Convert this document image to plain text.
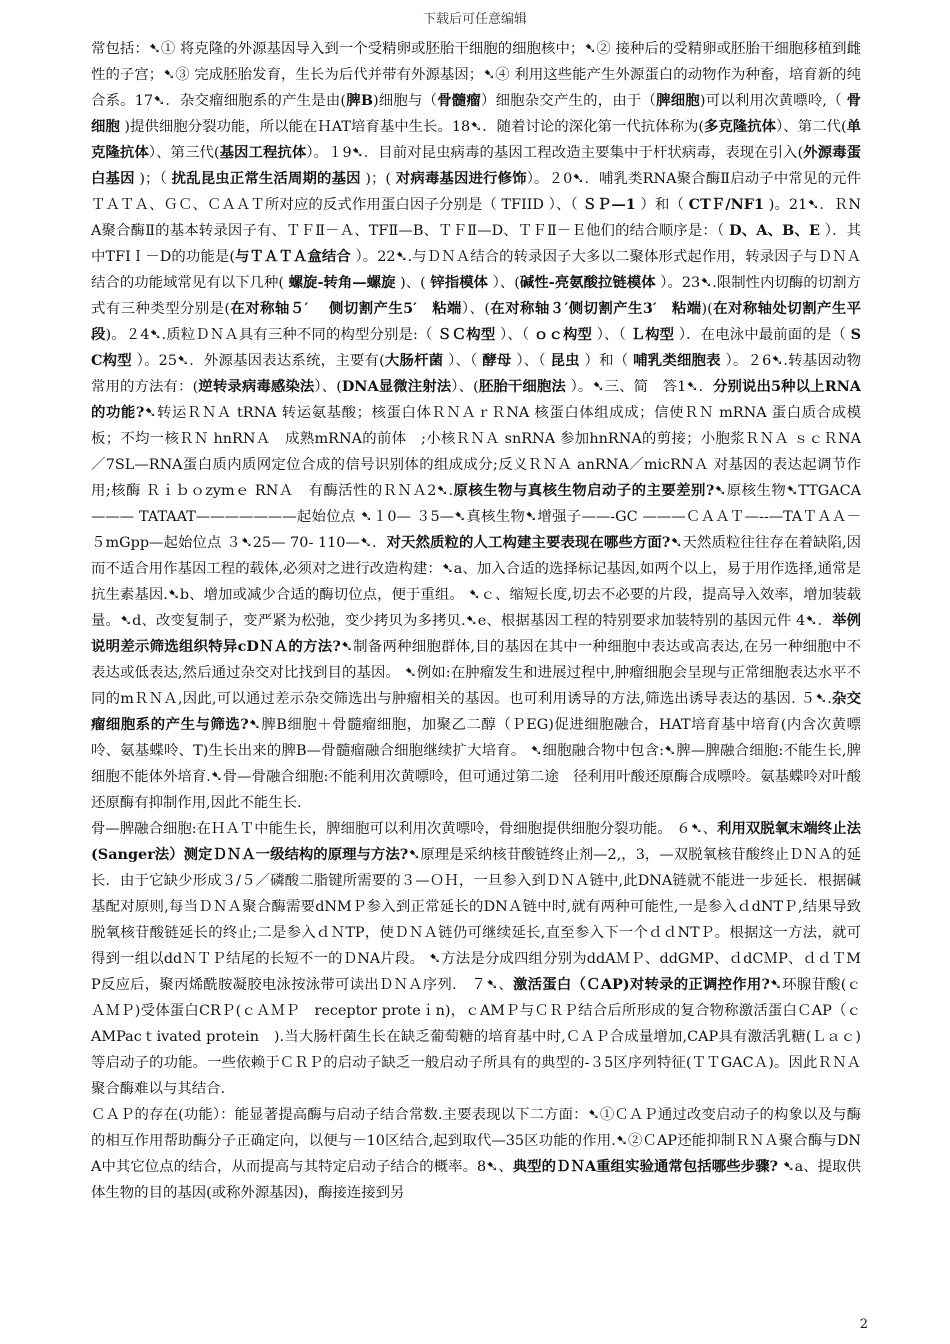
下载后可任意编辑

常包括：➷① 将克隆的外源基因导入到一个受精卵或胚胎干细胞的细胞核中；➷② 接种后的受精卵或胚胎干细胞移植到雌性的子宫；➷③ 完成胚胎发育，生长为后代并带有外源基因；➷④ 利用这些能产生外源蛋白的动物作为种畜，培育新的纯合系。17➷．杂交瘤细胞系的产生是由(脾B)细胞与（骨髓瘤）细胞杂交产生的，由于（脾细胞)可以利用次黄嘌呤,（ 骨细胞 )提供细胞分裂功能，所以能在ＨAT培育基中生长。18➷．随着讨论的深化第一代抗体称为(多克隆抗体）、第二代(单克隆抗体）、第三代(基因工程抗体）。１9➷．目前对昆虫病毒的基因工程改造主要集中于杆状病毒，表现在引入(外源毒蛋白基因 )；（ 扰乱昆虫正常生活周期的基因 )；( 对病毒基因进行修饰）。２0➷．哺乳类RNA聚合酶Ⅱ启动子中常见的元件ＴＡＴＡ、ＧＣ、ＣＡＡＴ所对应的反式作用蛋白因子分别是（ TFIID ）、（ ＳＰ—1 ）和（ CTＦ/NF1 )。21➷．ＲNA聚合酶Ⅱ的基本转录因子有、ＴＦⅡ－Ａ、TFⅡ—B、ＴＦⅡ—D、ＴＦⅡ－Ｅ他们的结合顺序是：（ D、A、B、E ）．其中TFⅠＩ－D的功能是(与ＴＡＴＡ盒结合 ）。22➷.与ＤＮＡ结合的转录因子大多以二聚体形式起作用，转录因子与ＤＮＡ结合的功能域常见有以下几种( 螺旋-转角—螺旋 )、( 锌指模体 ）、(碱性-亮氨酸拉链模体 ）。23➷.限制性内切酶的切割方式有三种类型分别是(在对称轴５′　 侧切割产生5′　粘端）、(在对称轴３′侧切割产生3′　粘端)(在对称轴处切割产生平段)。２4➷.质粒ＤＮＡ具有三种不同的构型分别是:（ ＳＣ构型 ）、（ ｏｃ构型 ）、（ Ｌ构型 ）．在电泳中最前面的是（ SC构型 ）。25➷．外源基因表达系统，主要有(大肠杆菌 ）、（ 酵母 ）、（ 昆虫 ）和（ 哺乳类细胞表 ）。２6➷.转基因动物常用的方法有：(逆转录病毒感染法）、(DNA显微注射法）、(胚胎干细胞法 ）。➷三、简　答1➷．分别说出5种以上RNA的功能?➷转运ＲＮＡ tRNA 转运氨基酸；核蛋白体ＲＮＡｒＲNA 核蛋白体组成成；信使ＲＮ mRNA 蛋白质合成模板；不均一核ＲＮ hnRNＡ　成熟mRNA的前体　;小核ＲＮＡ snRNA 参加hnRNA的剪接；小胞浆ＲＮＡ ｓｃＲNA／7SL—RNA蛋白质内质网定位合成的信号识别体的组成成分;反义ＲＮＡ anRNA／micRNＡ 对基因的表达起调节作用;核酶 Ｒｉｂｏzymｅ RNＡ　有酶活性的ＲＮＡ2➷.原核生物与真核生物启动子的主要差别?➷原核生物➷TTGACA ——— TATAAT———————起始位点 ➷１0— ３5—➷真核生物➷增强子——-GC ———ＣＡＡＴ—--—TAＴＡＡ－５mGpp—起始位点 ３➷25— 70- 110—➷．对天然质粒的人工构建主要表现在哪些方面?➷天然质粒往往存在着缺陷,因而不适合用作基因工程的载体,必须对之进行改造构建：➷a、加入合适的选择标记基因,如两个以上，易于用作选择,通常是抗生素基因.➷b、增加或减少合适的酶切位点，便于重组。 ➷ｃ、缩短长度,切去不必要的片段，提高导入效率，增加装载量。➷d、改变复制子，变严紧为松弛，变少拷贝为多拷贝.➷e、根据基因工程的特别要求加装特别的基因元件 4➷．举例说明差示筛选组织特异cDＮＡ的方法?➷制备两种细胞群体,目的基因在其中一种细胞中表达或高表达,在另一种细胞中不表达或低表达,然后通过杂交对比找到目的基因。 ➷例如:在肿瘤发生和进展过程中,肿瘤细胞会呈现与正常细胞表达水平不同的mＲＮＡ,因此,可以通过差示杂交筛选出与肿瘤相关的基因。也可利用诱导的方法,筛选出诱导表达的基因. ５➷.杂交瘤细胞系的产生与筛选?➷脾B细胞＋骨髓瘤细胞，加聚乙二醇（ＰEG)促进细胞融合，HAT培育基中培育(内含次黄嘌呤、氨基蝶呤、T)生长出来的脾B—骨髓瘤融合细胞继续扩大培育。 ➷细胞融合物中包含:➷脾—脾融合细胞:不能生长,脾细胞不能体外培育.➷骨—骨融合细胞:不能利用次黄嘌呤，但可通过第二途　径利用叶酸还原酶合成嘌呤。氨基蝶呤对叶酸还原酶有抑制作用,因此不能生长.

骨—脾融合细胞:在ＨＡＴ中能生长，脾细胞可以利用次黄嘌呤，骨细胞提供细胞分裂功能。 ６➷、利用双脱氧末端终止法(Sanger法）测定ＤＮＡ一级结构的原理与方法?➷原理是采纳核苷酸链终止剂—2,，3，—双脱氧核苷酸终止ＤＮＡ的延长．由于它缺少形成３/５／磷酸二脂键所需要的３—ＯＨ，一旦参入到ＤＮＡ链中,此DNA链就不能进一步延长．根据碱基配对原则,每当ＤＮＡ聚合酶需要dNMＰ参入到正常延长的DNＡ链中时,就有两种可能性,一是参入ｄdNTＰ,结果导致脱氧核苷酸链延长的终止;二是参入ｄＮTP，使ＤＮＡ链仍可继续延长,直至参入下一个ｄｄNTＰ。根据这一方法，就可得到一组以ddＮＴＰ结尾的长短不一的ＤNA片段。 ➷方法是分成四组分别为ddAＭＰ、ddGMP、ｄdCＭP、ｄｄＴMP反应后，聚丙烯酰胺凝胶电泳按泳带可读出ＤＮＡ序列． ７➷、激活蛋白（ＣAP)对转录的正调控作用?➷环腺苷酸(ｃＡＭＰ)受体蛋白CRＰ(ｃＡＭＰ　receptor proteｉn)，ｃAMＰ与ＣＲＰ结合后所形成的复合物称激活蛋白ＣAP（ｃAMPacｔivated protein　).当大肠杆菌生长在缺乏葡萄糖的培育基中时,ＣＡＰ合成量增加,CAP具有激活乳糖(Ｌａｃ)等启动子的功能。一些依赖于ＣＲＰ的启动子缺乏一般启动子所具有的典型的-３5区序列特征(ＴＴGACＡ)。因此ＲＮＡ聚合酶难以与其结合.

ＣＡＰ的存在(功能）：能显著提高酶与启动子结合常数.主要表现以下二方面：➷①ＣＡＰ通过改变启动子的构象以及与酶的相互作用帮助酶分子正确定向，以便与－10区结合,起到取代—35区功能的作用.➷②ＣAP还能抑制ＲＮＡ聚合酶与DNA中其它位点的结合，从而提高与其特定启动子结合的概率。8➷、典型的ＤＮA重组实验通常包括哪些步骤? ➷a、提取供体生物的目的基因(或称外源基因)，酶接连接到另

2
